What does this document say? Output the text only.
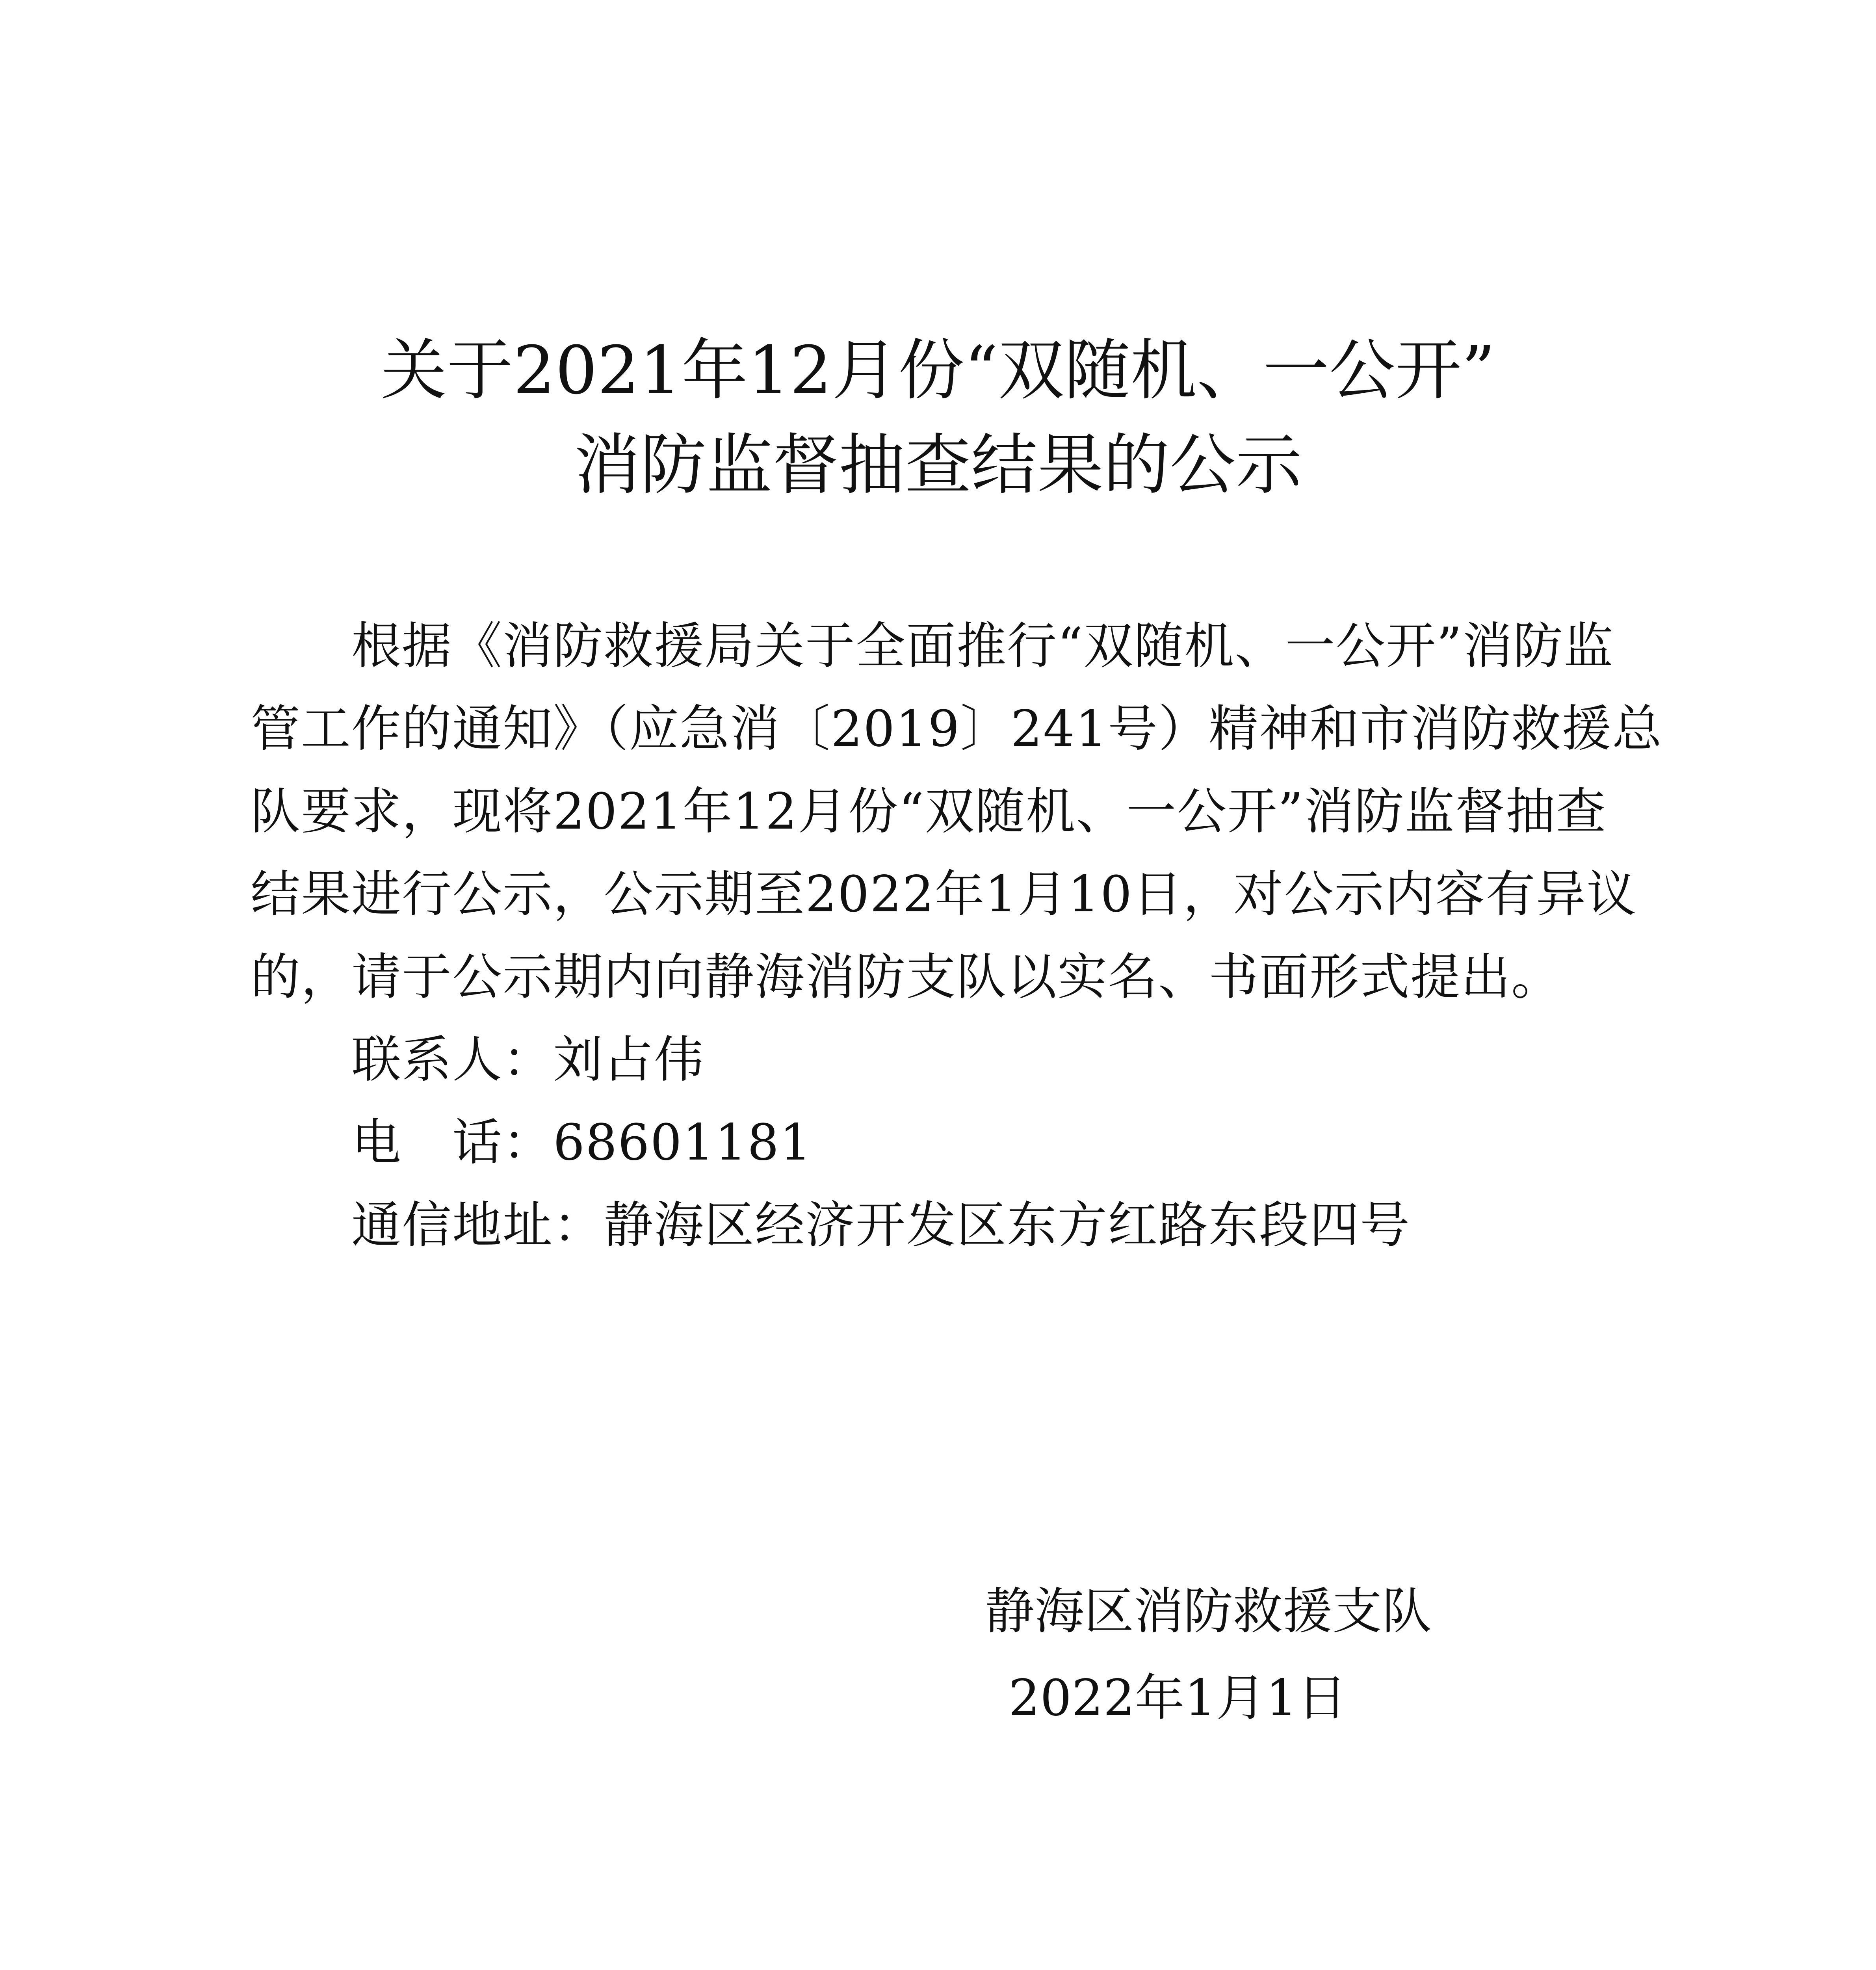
关于2021年12月份“双随机、一公开”
消防监督抽查结果的公示
根据《消防救援局关于全面推行“双随机、一公开”消防监
管工作的通知》（应急消〔2019〕241号）精神和市消防救援总
队要求，现将2021年12月份“双随机、一公开”消防监督抽查
结果进行公示，公示期至2022年1月10日，对公示内容有异议
的，请于公示期内向静海消防支队以实名、书面形式提出。
联系人：刘占伟
电　话：68601181
通信地址：静海区经济开发区东方红路东段四号
静海区消防救援支队
2022年1月1日
